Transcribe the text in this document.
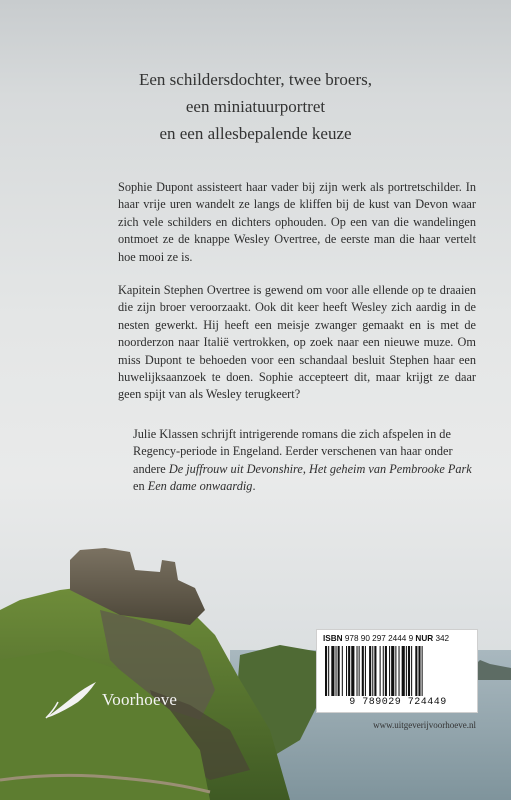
Een schildersdochter, twee broers,
een miniatuurportret
en een allesbepalende keuze
Sophie Dupont assisteert haar vader bij zijn werk als portretschilder. In haar vrije uren wandelt ze langs de kliffen bij de kust van Devon waar zich vele schilders en dichters ophouden. Op een van die wandelingen ontmoet ze de knappe Wesley Overtree, de eerste man die haar vertelt hoe mooi ze is.
Kapitein Stephen Overtree is gewend om voor alle ellende op te draaien die zijn broer veroorzaakt. Ook dit keer heeft Wesley zich aardig in de nesten gewerkt. Hij heeft een meisje zwanger gemaakt en is met de noorderzon naar Italië vertrokken, op zoek naar een nieuwe muze. Om miss Dupont te behoeden voor een schandaal besluit Stephen haar een huwelijksaanzoek te doen. Sophie accepteert dit, maar krijgt ze daar geen spijt van als Wesley terugkeert?
Julie Klassen schrijft intrigerende romans die zich afspelen in de Regency-periode in Engeland. Eerder verschenen van haar onder andere De juffrouw uit Devonshire, Het geheim van Pembrooke Park en Een dame onwaardig.
Voorhoeve
ISBN 978 90 297 2444 9 NUR 342
9 789029 724449
www.uitgeverijvoorhoeve.nl
